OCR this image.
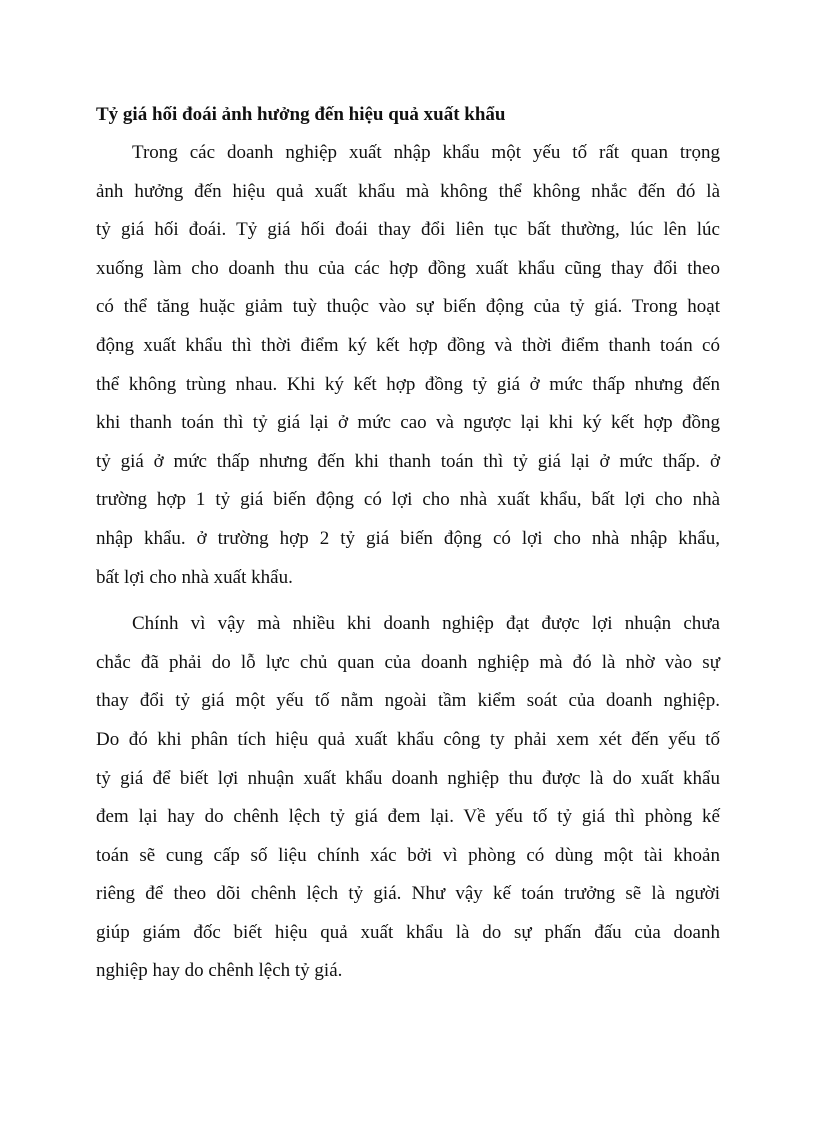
Tỷ giá hối đoái ảnh hưởng đến hiệu quả xuất khẩu

Trong các doanh nghiệp xuất nhập khẩu một yếu tố rất quan trọng
ảnh hưởng đến hiệu quả xuất khẩu mà không thể không nhắc đến đó là
tỷ giá hối đoái. Tỷ giá hối đoái thay đổi liên tục bất thường, lúc lên lúc
xuống làm cho doanh thu của các hợp đồng xuất khẩu cũng thay đổi theo
có thể tăng huặc giảm tuỳ thuộc vào sự biến động của tỷ giá. Trong hoạt
động xuất khẩu thì thời điểm ký kết hợp đồng và thời điểm thanh toán có
thể không trùng nhau. Khi ký kết hợp đồng tỷ giá ở mức thấp nhưng đến
khi thanh toán thì tỷ giá lại ở mức cao và ngược lại khi ký kết hợp đồng
tỷ giá ở mức thấp nhưng đến khi thanh toán thì tỷ giá lại ở mức thấp. ở
trường hợp 1 tỷ giá biến động có lợi cho nhà xuất khẩu, bất lợi cho nhà
nhập khẩu. ở trường hợp 2 tỷ giá biến động có lợi cho nhà nhập khẩu,
bất lợi cho nhà xuất khẩu.

Chính vì vậy mà nhiều khi doanh nghiệp đạt được lợi nhuận chưa
chắc đã phải do lỗ lực chủ quan của doanh nghiệp mà đó là nhờ vào sự
thay đổi tỷ giá một yếu tố nằm ngoài tầm kiểm soát của doanh nghiệp.
Do đó khi phân tích hiệu quả xuất khẩu công ty phải xem xét đến yếu tố
tỷ giá để biết lợi nhuận xuất khẩu doanh nghiệp thu được là do xuất khẩu
đem lại hay do chênh lệch tỷ giá đem lại. Về yếu tố tỷ giá thì phòng kế
toán sẽ cung cấp số liệu chính xác bởi vì phòng có dùng một tài khoản
riêng để theo dõi chênh lệch tỷ giá. Như vậy kế toán trưởng sẽ là người
giúp giám đốc biết hiệu quả xuất khẩu là do sự phấn đấu của doanh
nghiệp hay do chênh lệch tỷ giá.
